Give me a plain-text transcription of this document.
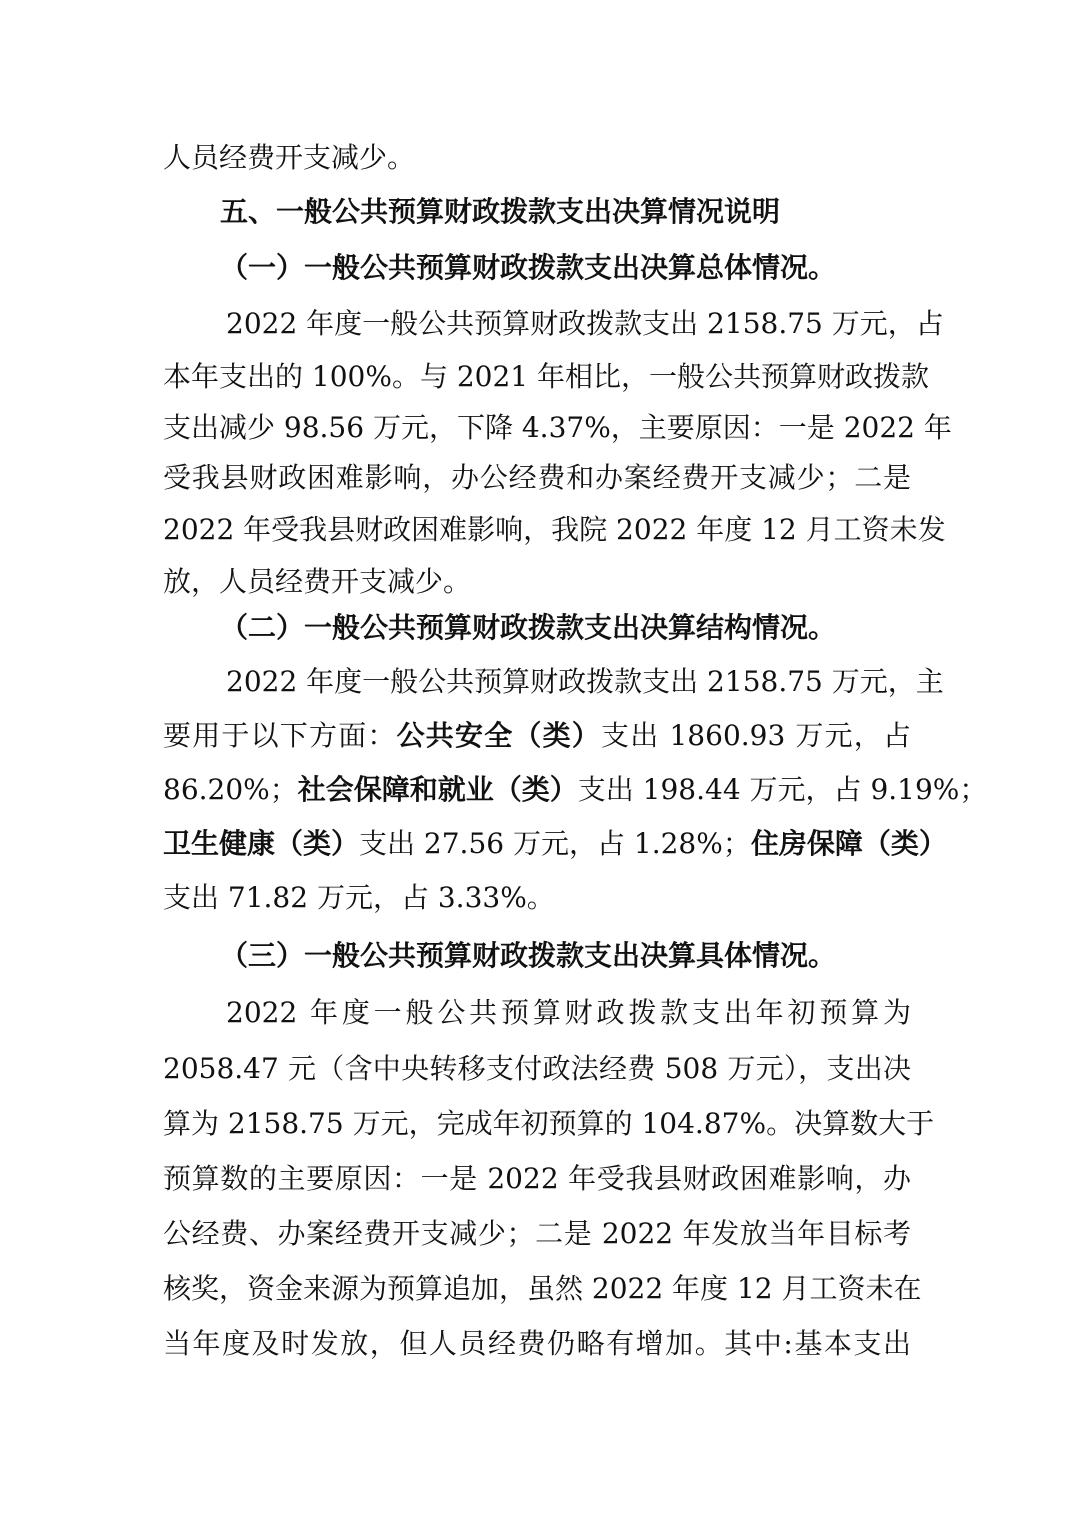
人员经费开支减少。
五、一般公共预算财政拨款支出决算情况说明
（一）一般公共预算财政拨款支出决算总体情况。
2022 年度一般公共预算财政拨款支出 2158.75 万元，占
本年支出的 100%。与 2021 年相比，一般公共预算财政拨款
支出减少 98.56 万元，下降 4.37%，主要原因：一是 2022 年
受我县财政困难影响，办公经费和办案经费开支减少；二是
2022 年受我县财政困难影响，我院 2022 年度 12 月工资未发
放，人员经费开支减少。
（二）一般公共预算财政拨款支出决算结构情况。
2022 年度一般公共预算财政拨款支出 2158.75 万元，主
要用于以下方面：公共安全（类）支出 1860.93 万元，占
86.20%；社会保障和就业（类）支出 198.44 万元，占 9.19%；
卫生健康（类）支出 27.56 万元，占 1.28%；住房保障（类）
支出 71.82 万元，占 3.33%。
（三）一般公共预算财政拨款支出决算具体情况。
2022 年度一般公共预算财政拨款支出年初预算为
2058.47 元（含中央转移支付政法经费 508 万元），支出决
算为 2158.75 万元，完成年初预算的 104.87%。决算数大于
预算数的主要原因：一是 2022 年受我县财政困难影响，办
公经费、办案经费开支减少；二是 2022 年发放当年目标考
核奖，资金来源为预算追加，虽然 2022 年度 12 月工资未在
当年度及时发放，但人员经费仍略有增加。其中:基本支出
